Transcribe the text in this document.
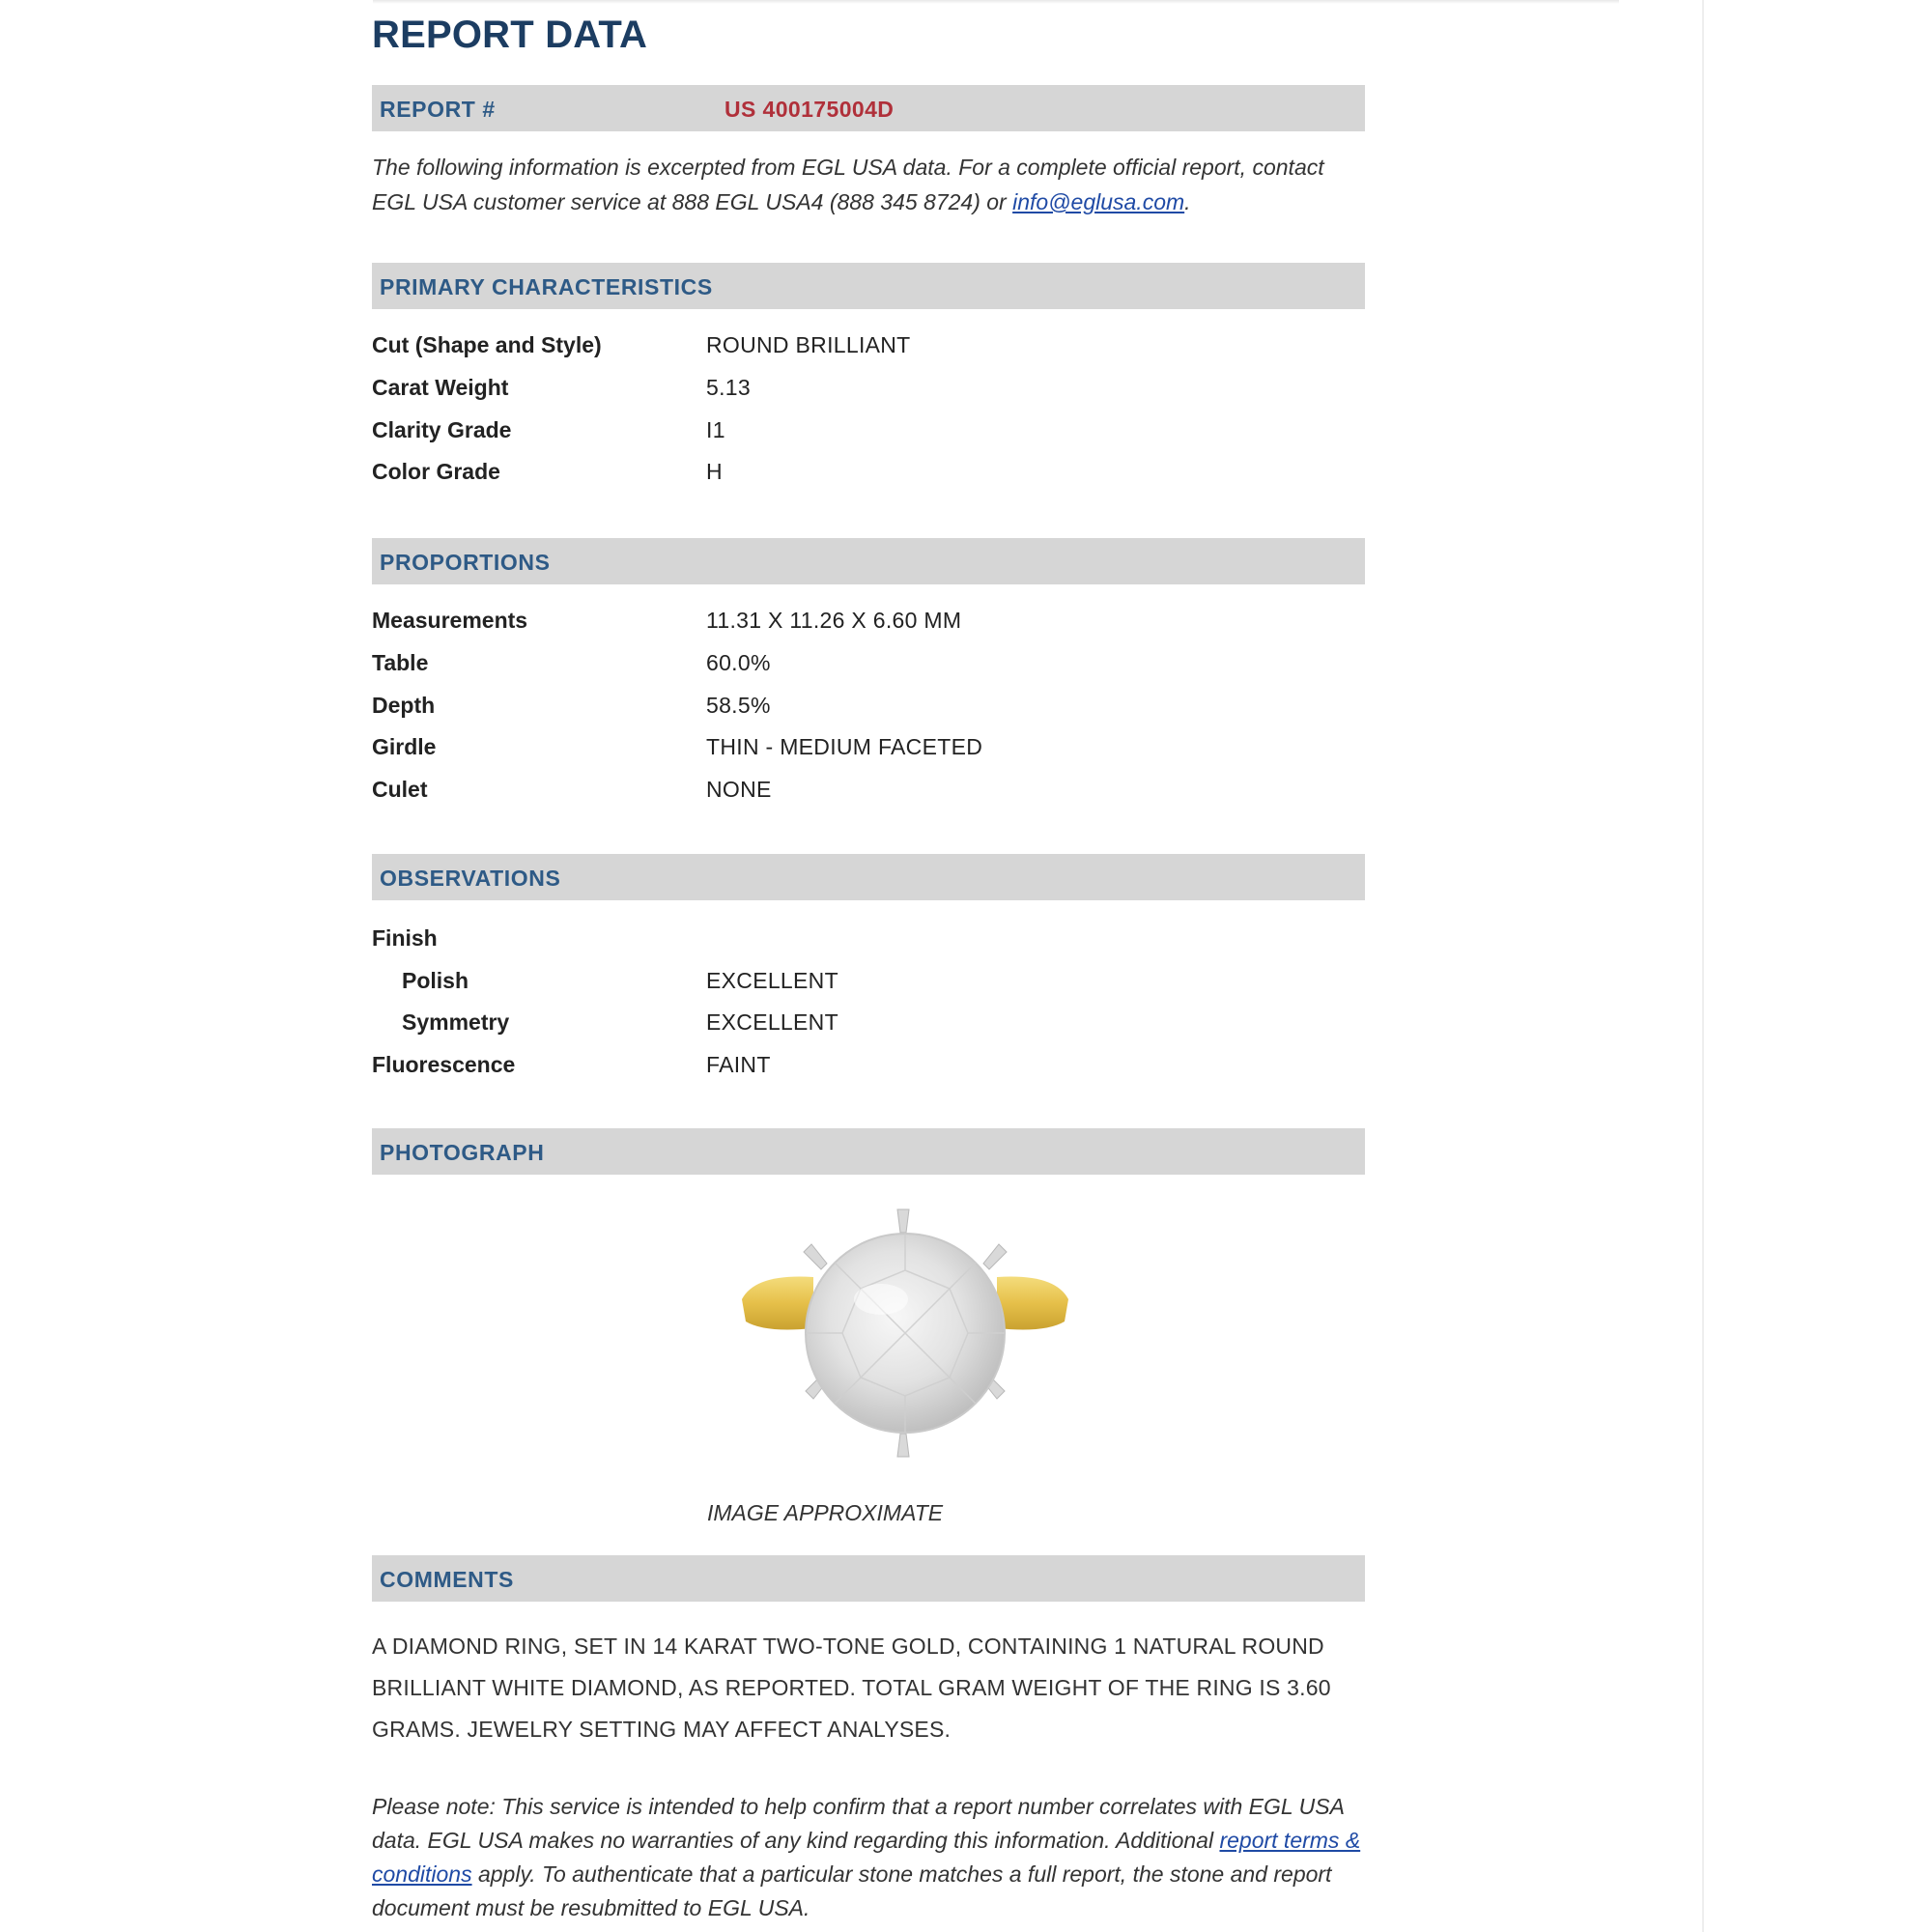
REPORT DATA
REPORT #	US 400175004D
The following information is excerpted from EGL USA data. For a complete official report, contact EGL USA customer service at 888 EGL USA4 (888 345 8724) or info@eglusa.com.
PRIMARY CHARACTERISTICS
Cut (Shape and Style)	ROUND BRILLIANT
Carat Weight	5.13
Clarity Grade	I1
Color Grade	H
PROPORTIONS
Measurements	11.31 X 11.26 X 6.60 MM
Table	60.0%
Depth	58.5%
Girdle	THIN - MEDIUM FACETED
Culet	NONE
OBSERVATIONS
Finish
Polish	EXCELLENT
Symmetry	EXCELLENT
Fluorescence	FAINT
PHOTOGRAPH
IMAGE APPROXIMATE
COMMENTS
A DIAMOND RING, SET IN 14 KARAT TWO-TONE GOLD, CONTAINING 1 NATURAL ROUND BRILLIANT WHITE DIAMOND, AS REPORTED. TOTAL GRAM WEIGHT OF THE RING IS 3.60 GRAMS. JEWELRY SETTING MAY AFFECT ANALYSES.
Please note: This service is intended to help confirm that a report number correlates with EGL USA data. EGL USA makes no warranties of any kind regarding this information. Additional report terms & conditions apply. To authenticate that a particular stone matches a full report, the stone and report document must be resubmitted to EGL USA.
